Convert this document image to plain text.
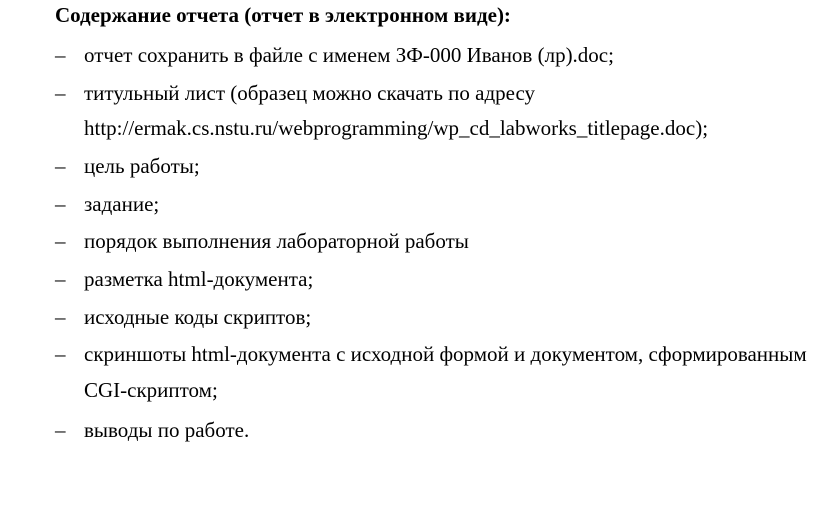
Содержание отчета (отчет в электронном виде):
– отчет сохранить в файле с именем ЗФ-000 Иванов (лр).doc;
– титульный лист (образец можно скачать по адресу
http://ermak.cs.nstu.ru/webprogramming/wp_cd_labworks_titlepage.doc);
– цель работы;
– задание;
– порядок выполнения лабораторной работы
– разметка html-документа;
– исходные коды скриптов;
– скриншоты html-документа с исходной формой и документом, сформированным
CGI-скриптом;
– выводы по работе.
